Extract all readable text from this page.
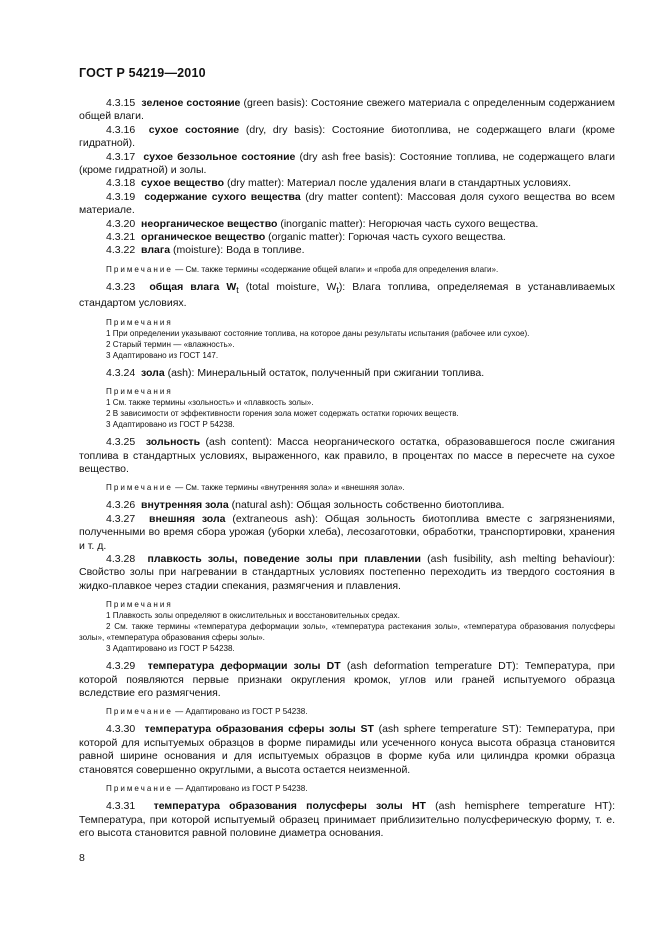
ГОСТ Р 54219—2010

4.3.15 зеленое состояние (green basis): Состояние свежего материала с определенным содержанием общей влаги.

4.3.16 сухое состояние (dry, dry basis): Состояние биотоплива, не содержащего влаги (кроме гидратной).

4.3.17 сухое беззольное состояние (dry ash free basis): Состояние топлива, не содержащего влаги (кроме гидратной) и золы.

4.3.18 сухое вещество (dry matter): Материал после удаления влаги в стандартных условиях.

4.3.19 содержание сухого вещества (dry matter content): Массовая доля сухого вещества во всем материале.

4.3.20 неорганическое вещество (inorganic matter): Негорючая часть сухого вещества.

4.3.21 органическое вещество (organic matter): Горючая часть сухого вещества.

4.3.22 влага (moisture): Вода в топливе.

Примечание — См. также термины «содержание общей влаги» и «проба для определения влаги».

4.3.23 общая влага $W_t$ (total moisture, $W_t$): Влага топлива, определяемая в устанавливаемых стандартом условиях.

Примечания

1 При определении указывают состояние топлива, на которое даны результаты испытания (рабочее или сухое).

2 Старый термин — «влажность».

3 Адаптировано из ГОСТ 147.

4.3.24 зола (ash): Минеральный остаток, полученный при сжигании топлива.

Примечания

1 См. также термины «зольность» и «плавкость золы».

2 В зависимости от эффективности горения зола может содержать остатки горючих веществ.

3 Адаптировано из ГОСТ Р 54238.

4.3.25 зольность (ash content): Масса неорганического остатка, образовавшегося после сжигания топлива в стандартных условиях, выраженного, как правило, в процентах по массе в пересчете на сухое вещество.

Примечание — См. также термины «внутренняя зола» и «внешняя зола».

4.3.26 внутренняя зола (natural ash): Общая зольность собственно биотоплива.

4.3.27 внешняя зола (extraneous ash): Общая зольность биотоплива вместе с загрязнениями, полученными во время сбора урожая (уборки хлеба), лесозаготовки, обработки, транспортировки, хранения и т. д.

4.3.28 плавкость золы, поведение золы при плавлении (ash fusibility, ash melting behaviour): Свойство золы при нагревании в стандартных условиях постепенно переходить из твердого состояния в жидко-плавкое через стадии спекания, размягчения и плавления.

Примечания

1 Плавкость золы определяют в окислительных и восстановительных средах.

2 См. также термины «температура деформации золы», «температура растекания золы», «температура образования полусферы золы», «температура образования сферы золы».

3 Адаптировано из ГОСТ Р 54238.

4.3.29 температура деформации золы DT (ash deformation temperature DT): Температура, при которой появляются первые признаки округления кромок, углов или граней испытуемого образца вследствие его размягчения.

Примечание — Адаптировано из ГОСТ Р 54238.

4.3.30 температура образования сферы золы ST (ash sphere temperature ST): Температура, при которой для испытуемых образцов в форме пирамиды или усеченного конуса высота образца становится равной ширине основания и для испытуемых образцов в форме куба или цилиндра кромки образца становятся совершенно округлыми, а высота остается неизменной.

Примечание — Адаптировано из ГОСТ Р 54238.

4.3.31 температура образования полусферы золы НТ (ash hemisphere temperature HT): Температура, при которой испытуемый образец принимает приблизительно полусферическую форму, т. е. его высота становится равной половине диаметра основания.

8
